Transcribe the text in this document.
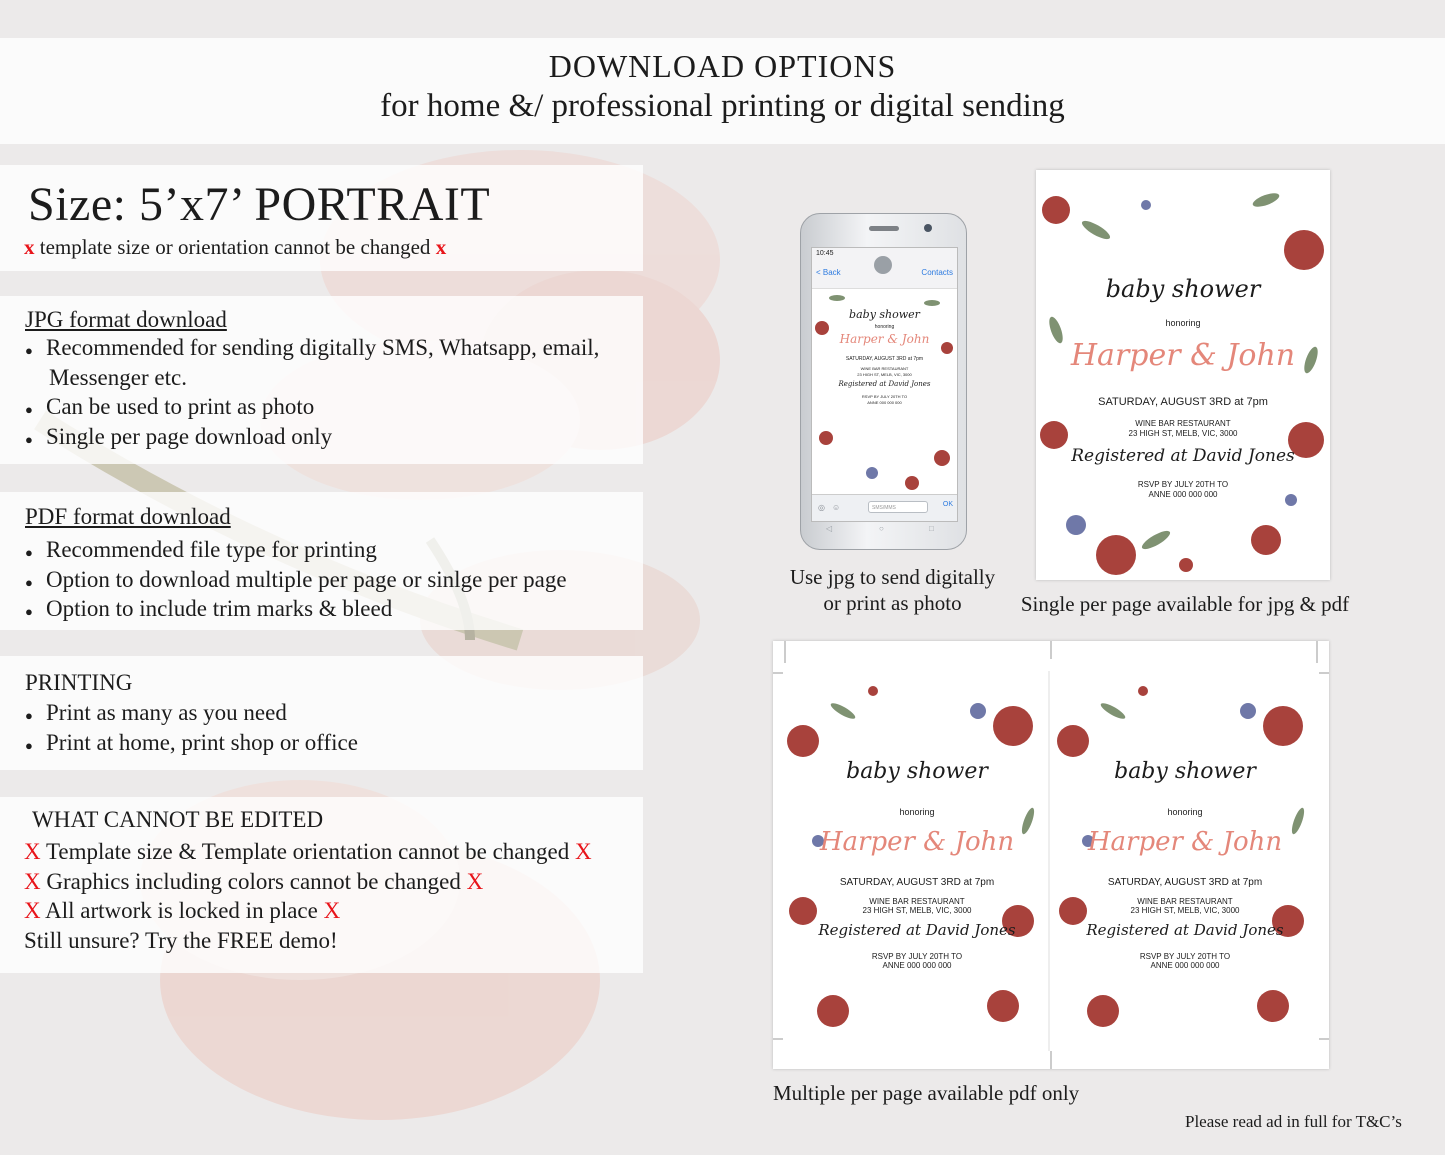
DOWNLOAD OPTIONS
for home &/ professional printing or digital sending
Size: 5’x7’ PORTRAIT
x template size or orientation cannot be changed x
JPG format download
● Recommended for sending digitally SMS, Whatsapp, email,
Messenger etc.
● Can be used to print as photo
● Single per page download only
PDF format download
● Recommended file type for printing
● Option to download multiple per page or sinlge per page
● Option to include trim marks & bleed
PRINTING
● Print as many as you need
● Print at home, print shop or office
WHAT CANNOT BE EDITED
X Template size & Template orientation cannot be changed X
X Graphics including colors cannot be changed X
X All artwork is locked in place X
Still unsure? Try the FREE demo!
10:45
< Back	Contacts
baby shower
honoring
Harper & John
SATURDAY, AUGUST 3RD at 7pm
WINE BAR RESTAURANT
23 HIGH ST, MELB, VIC, 3000
Registered at David Jones
RSVP BY JULY 20TH TO
ANNE 000 000 000
◎ ☺	SMS/MMS	OK
◁	○	□
Use jpg to send digitally
or print as photo
baby shower
honoring
Harper & John
SATURDAY, AUGUST 3RD at 7pm
WINE BAR RESTAURANT
23 HIGH ST, MELB, VIC, 3000
Registered at David Jones
RSVP BY JULY 20TH TO
ANNE 000 000 000
Single per page available for jpg & pdf
baby shower
honoring
Harper & John
SATURDAY, AUGUST 3RD at 7pm
WINE BAR RESTAURANT
23 HIGH ST, MELB, VIC, 3000
Registered at David Jones
RSVP BY JULY 20TH TO
ANNE 000 000 000
baby shower
honoring
Harper & John
SATURDAY, AUGUST 3RD at 7pm
WINE BAR RESTAURANT
23 HIGH ST, MELB, VIC, 3000
Registered at David Jones
RSVP BY JULY 20TH TO
ANNE 000 000 000
Multiple per page available pdf only
Please read ad in full for T&C’s
